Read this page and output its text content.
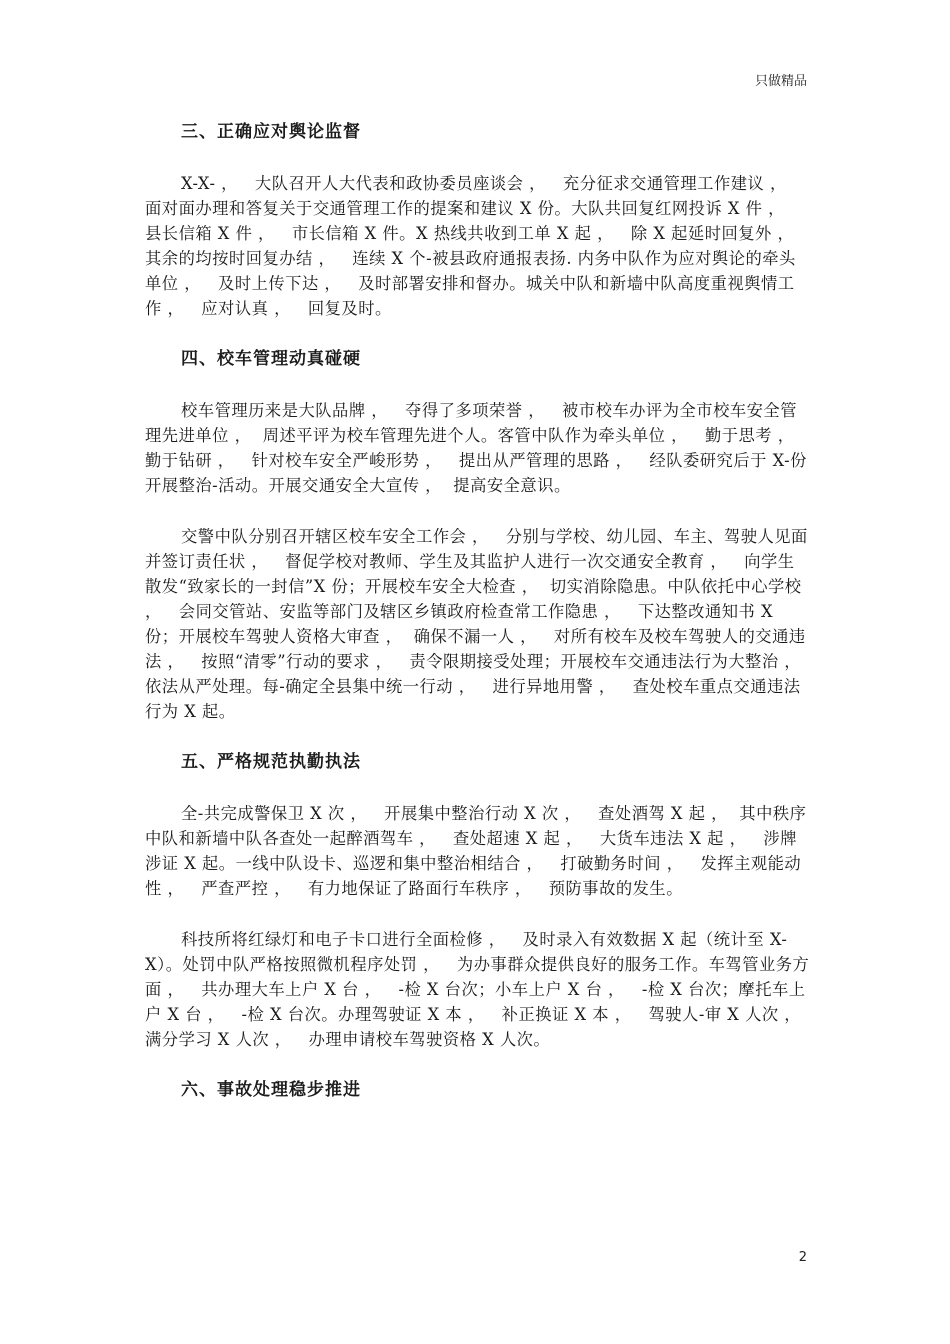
只做精品
三、正确应对舆论监督

X-X- ，   大队召开人大代表和政协委员座谈会 ，   充分征求交通管理工作建议 ，  面对面办理和答复关于交通管理工作的提案和建议 X 份。大队共回复红网投诉 X 件 ，   县长信箱 X 件 ，   市长信箱 X 件。X 热线共收到工单 X 起 ，   除 X 起延时回复外 ，   其余的均按时回复办结 ，   连续 X 个-被县政府通报表扬. 内务中队作为应对舆论的牵头单位 ，   及时上传下达 ，   及时部署安排和督办。城关中队和新墙中队高度重视舆情工作 ，   应对认真 ，   回复及时。

四、校车管理动真碰硬

校车管理历来是大队品牌 ，   夺得了多项荣誉 ，   被市校车办评为全市校车安全管理先进单位 ，  周述平评为校车管理先进个人。客管中队作为牵头单位 ，   勤于思考 ，   勤于钻研 ，   针对校车安全严峻形势 ，   提出从严管理的思路 ，   经队委研究后于 X-份开展整治-活动。开展交通安全大宣传 ，  提高安全意识。

交警中队分别召开辖区校车安全工作会 ，   分别与学校、幼儿园、车主、驾驶人见面并签订责任状 ，   督促学校对教师、学生及其监护人进行一次交通安全教育 ，   向学生散发“致家长的一封信”X 份；开展校车安全大检查 ，  切实消除隐患。中队依托中心学校 ，   会同交管站、安监等部门及辖区乡镇政府检查常工作隐患 ，   下达整改通知书 X 份；开展校车驾驶人资格大审查 ，  确保不漏一人 ，   对所有校车及校车驾驶人的交通违法 ，   按照“清零”行动的要求 ，   责令限期接受处理；开展校车交通违法行为大整治 ，   依法从严处理。每-确定全县集中统一行动 ，   进行异地用警 ，   查处校车重点交通违法行为 X 起。

五、严格规范执勤执法

全-共完成警保卫 X 次 ，   开展集中整治行动 X 次 ，   查处酒驾 X 起 ，  其中秩序中队和新墙中队各查处一起醉酒驾车 ，   查处超速 X 起 ，   大货车违法 X 起 ，   涉牌涉证 X 起。一线中队设卡、巡逻和集中整治相结合 ，   打破勤务时间 ，   发挥主观能动性 ，   严查严控 ，   有力地保证了路面行车秩序 ，   预防事故的发生。

科技所将红绿灯和电子卡口进行全面检修 ，   及时录入有效数据 X 起（统计至 X-X）。处罚中队严格按照微机程序处罚 ，   为办事群众提供良好的服务工作。车驾管业务方面 ，   共办理大车上户 X 台 ，   -检 X 台次；小车上户 X 台 ，   -检 X 台次；摩托车上户 X 台 ，   -检 X 台次。办理驾驶证 X 本 ，   补正换证 X 本 ，   驾驶人-审 X 人次 ，   满分学习 X 人次 ，   办理申请校车驾驶资格 X 人次。

六、事故处理稳步推进
2
